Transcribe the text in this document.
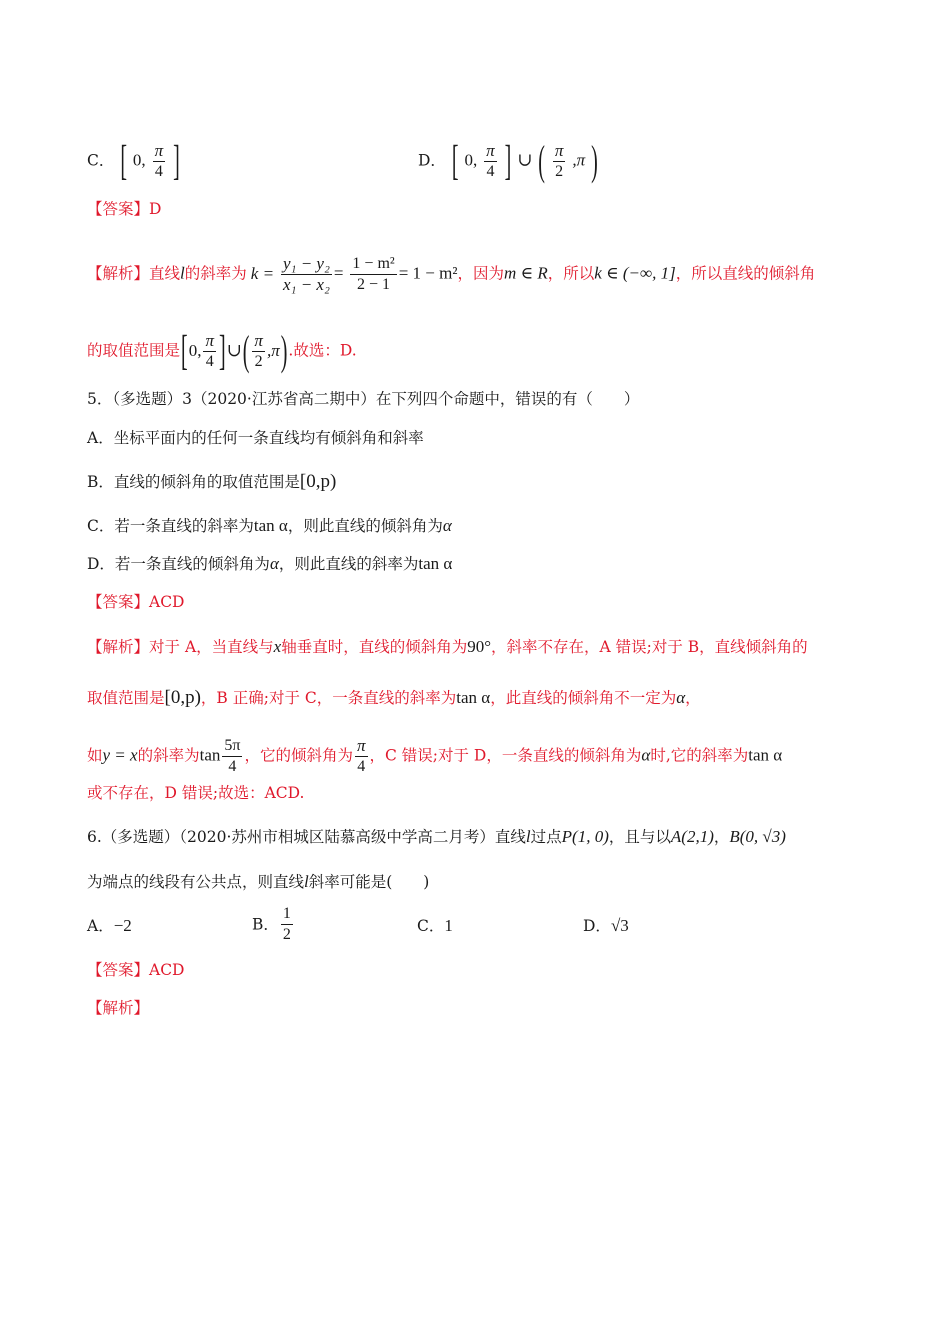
C． [ 0, $\frac{\pi}{4}$ ]	D． [ 0, $\frac{\pi}{4}$ ] ∪ ( $\frac{\pi}{2} ,\pi$ )
【答案】D
【解析】直线l的斜率为 $k = \frac{\text{y₁ − y₂}}{\text{x₁ − x₂}} = \frac{\text{1 − m²}}{2 - 1} = 1 - m^2$，因为m ∈ R，所以k ∈ (−∞, 1]，所以直线的倾斜角
的取值范围是[0, $\frac{\pi}{4}$ ]∪( $\frac{\pi}{2} ,\pi$).故选：D.
5．（多选题）3（2020·江苏省高二期中）在下列四个命题中，错误的有（　　）
A．坐标平面内的任何一条直线均有倾斜角和斜率
B．直线的倾斜角的取值范围是[0,p)
C．若一条直线的斜率为tan α，则此直线的倾斜角为α
D．若一条直线的倾斜角为α，则此直线的斜率为tan α
【答案】ACD
【解析】对于 A，当直线与x轴垂直时，直线的倾斜角为90°，斜率不存在，A 错误;对于 B，直线倾斜角的
取值范围是[0,p)，B 正确;对于 C，一条直线的斜率为tan α，此直线的倾斜角不一定为α，
如y = x的斜率为$\tan \frac{5\pi}{4}$ ，它的倾斜角为 $\frac{\pi}{4}$ ，C 错误;对于 D，一条直线的倾斜角为α时,它的斜率为tan α
或不存在，D 错误;故选：ACD.
6.（多选题）（2020·苏州市相城区陆慕高级中学高二月考）直线l过点P(1, 0)，且与以A(2,1)，B(0, √3)
为端点的线段有公共点，则直线l斜率可能是(　　)
A．−2	B． $\frac{1}{2}$	C．1	D．√3
【答案】ACD
【解析】
